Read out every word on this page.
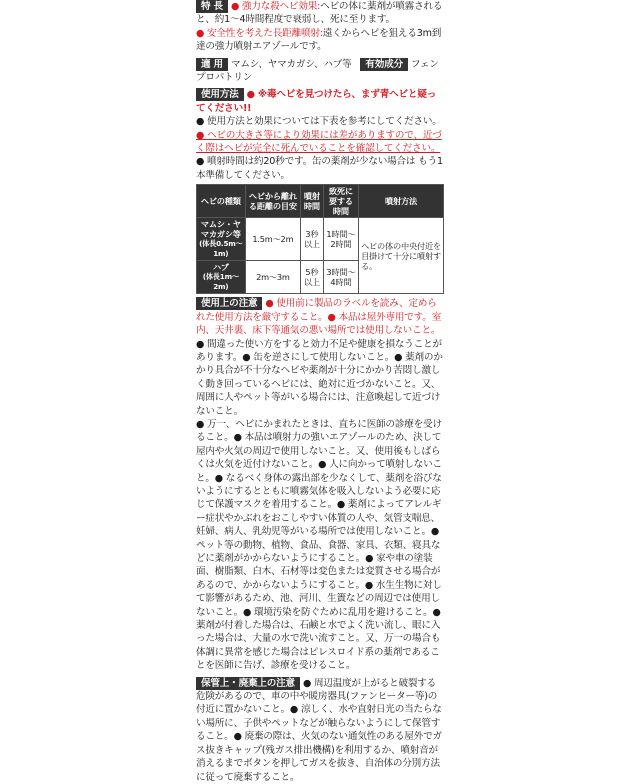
特 長 ● 強力な殺ヘビ効果:ヘビの体に薬剤が噴霧されると、約1～4時間程度で衰弱し、死に至ります。
● 安全性を考えた長距離噴射:遠くからヘビを狙える3m到達の強力噴射エアゾールです。
適 用 マムシ、ヤマカガシ、ハブ等 有効成分 フェンプロパトリン
使用方法 ● ※毒ヘビを見つけたら、まず青ヘビと疑ってください!!
● 使用方法と効果については下表を参考にしてください。
● ヘビの大きさ等により効果には差がありますので、近づく際はヘビが完全に死んでいることを確認してください。
● 噴射時間は約20秒です。缶の薬剤が少ない場合は もう1本準備してください。
ヘビの種類	ヘビから離れる距離の目安	噴射時間	致死に要する時間	噴射方法
マムシ・ヤマカガシ等
(体長0.5m～1m)	1.5m～2m	3秒以上	1時間～2時間	ヘビの体の中央付近を目掛けて十分に噴射する。
ハブ
(体長1m～2m)	2m～3m	5秒以上	3時間～4時間	
使用上の注意 ● 使用前に製品のラベルを読み、定められた使用方法を厳守すること。● 本品は屋外専用です。室内、天井裏、床下等通気の悪い場所では使用しないこと。
● 間違った使い方をすると効力不足や健康を損なうことがあります。● 缶を逆さにして使用しないこと。● 薬剤のかかり具合が不十分なヘビや薬剤が十分にかかり苦悶し激しく動き回っているヘビには、絶対に近づかないこと。又、周囲に人やペット等がいる場合には、注意喚起して近づけないこと。
● 万一、ヘビにかまれたときは、直ちに医師の診療を受けること。● 本品は噴射力の強いエアゾールのため、決して屋内や火気の周辺で使用しないこと。又、使用後もしばらくは火気を近付けないこと。● 人に向かって噴射しないこと。● なるべく身体の露出部を少なくして、薬剤を浴びないようにするとともに噴霧気体を吸入しないよう必要に応じて保護マスクを着用すること。● 薬剤によってアレルギー症状やかぶれをおこしやすい体質の人や、気管支喘息、妊婦、病人、乳幼児等がいる場所では使用しないこと。● ペット等の動物、植物、食品、食器、家具、衣類、寝具などに薬剤がかからないようにすること。● 家や車の塗装面、樹脂類、白木、石材等は変色または変質させる場合があるので、かからないようにすること。● 水生生物に対して影響があるため、池、河川、生簀などの周辺では使用しないこと。● 環境汚染を防ぐために乱用を避けること。● 薬剤が付着した場合は、石鹸と水でよく洗い流し、眼に入った場合は、大量の水で洗い流すこと。又、万一の場合も体調に異常を感じた場合はピレスロイド系の薬剤であることを医師に告げ、診療を受けること。
保管上・廃棄上の注意 ● 周辺温度が上がると破裂する危険があるので、車の中や暖房器具(ファンヒーター等)の付近に置かないこと。● 涼しく、水や直射日光の当たらない場所に、子供やペットなどが触らないようにして保管すること。● 廃棄の際は、火気のない通気性のある屋外でガス抜きキャップ(残ガス排出機構)を利用するか、噴射音が消えるまでボタンを押してガスを抜き、自治体の分別方法に従って廃棄すること。
